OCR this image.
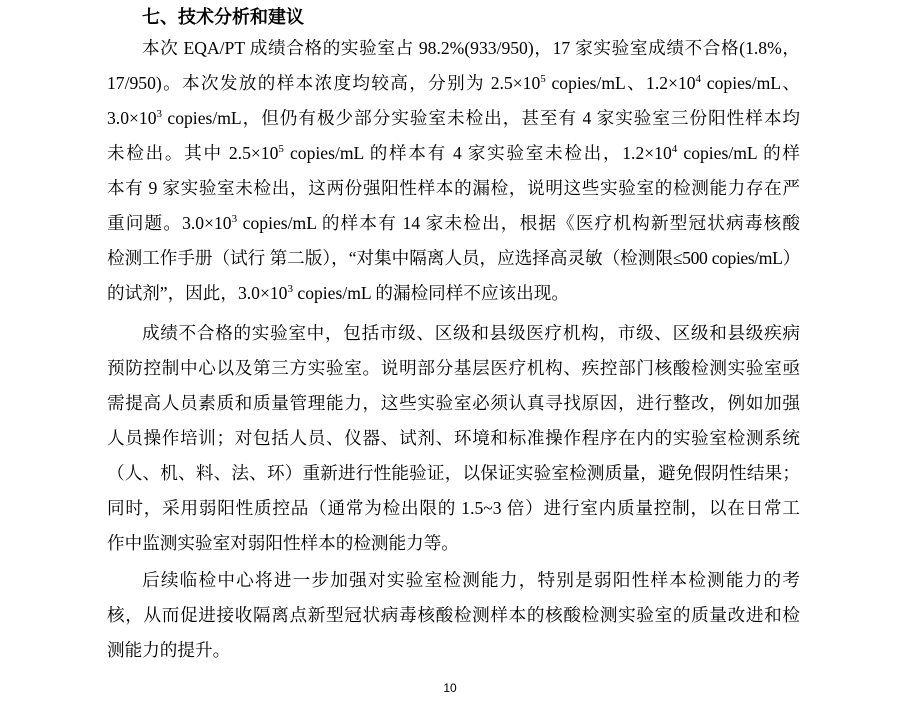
七、技术分析和建议
本次 EQA/PT 成绩合格的实验室占 98.2%(933/950)，17 家实验室成绩不合格(1.8%，
17/950)。本次发放的样本浓度均较高，分别为 $2.5\times 10^5$ copies/mL、$1.2\times 10^4$ copies/mL、
$3.0\times 10^3$ copies/mL，但仍有极少部分实验室未检出，甚至有 4 家实验室三份阳性样本均
未检出。其中 $2.5\times 10^5$ copies/mL 的样本有 4 家实验室未检出，$1.2\times 10^4$ copies/mL 的样
本有 9 家实验室未检出，这两份强阳性样本的漏检，说明这些实验室的检测能力存在严
重问题。$3.0\times 10^3$ copies/mL 的样本有 14 家未检出，根据《医疗机构新型冠状病毒核酸
检测工作手册（试行 第二版），“对集中隔离人员，应选择高灵敏（检测限≤500 copies/mL）
的试剂”，因此，$3.0\times 10^3$ copies/mL 的漏检同样不应该出现。
成绩不合格的实验室中，包括市级、区级和县级医疗机构，市级、区级和县级疾病
预防控制中心以及第三方实验室。说明部分基层医疗机构、疾控部门核酸检测实验室亟
需提高人员素质和质量管理能力，这些实验室必须认真寻找原因，进行整改，例如加强
人员操作培训；对包括人员、仪器、试剂、环境和标准操作程序在内的实验室检测系统
（人、机、料、法、环）重新进行性能验证，以保证实验室检测质量，避免假阴性结果；
同时，采用弱阳性质控品（通常为检出限的 1.5~3 倍）进行室内质量控制，以在日常工
作中监测实验室对弱阳性样本的检测能力等。
后续临检中心将进一步加强对实验室检测能力，特别是弱阳性样本检测能力的考
核，从而促进接收隔离点新型冠状病毒核酸检测样本的核酸检测实验室的质量改进和检
测能力的提升。
10
